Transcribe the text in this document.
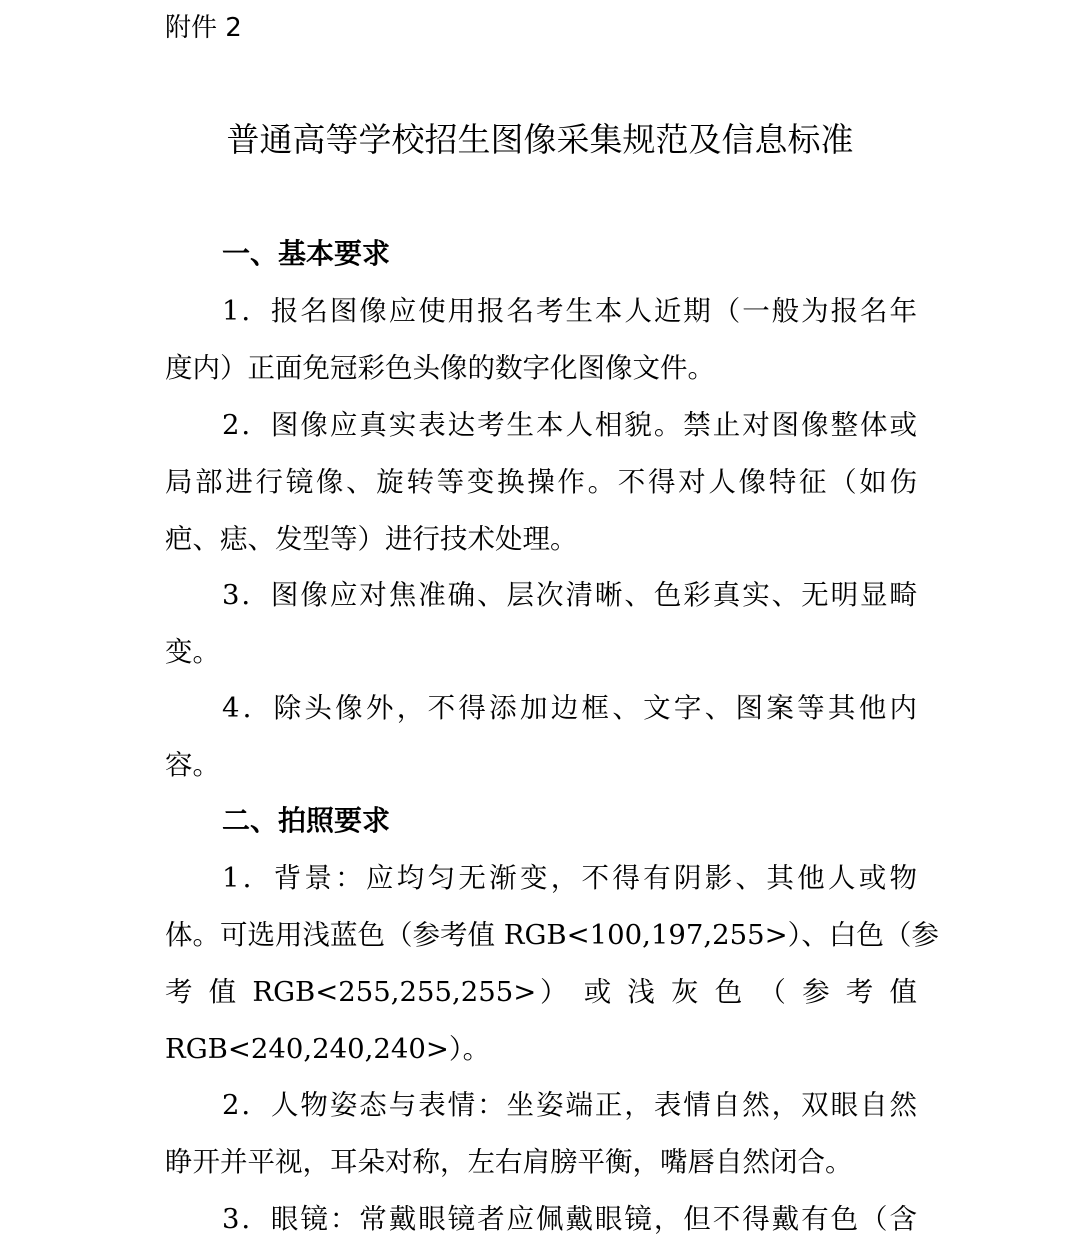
附件 2
普通高等学校招生图像采集规范及信息标准
一、基本要求
1．报名图像应使用报名考生本人近期（一般为报名年
度内）正面免冠彩色头像的数字化图像文件。
2．图像应真实表达考生本人相貌。禁止对图像整体或
局部进行镜像、旋转等变换操作。不得对人像特征（如伤
疤、痣、发型等）进行技术处理。
3．图像应对焦准确、层次清晰、色彩真实、无明显畸
变。
4．除头像外，不得添加边框、文字、图案等其他内
容。
二、拍照要求
1．背景：应均匀无渐变，不得有阴影、其他人或物
体。可选用浅蓝色（参考值 RGB<100,197,255>）、白色（参
考 值 RGB<255,255,255>） 或 浅 灰 色 （ 参 考 值
RGB<240,240,240>）。
2．人物姿态与表情：坐姿端正，表情自然，双眼自然
睁开并平视，耳朵对称，左右肩膀平衡，嘴唇自然闭合。
3．眼镜：常戴眼镜者应佩戴眼镜，但不得戴有色（含
